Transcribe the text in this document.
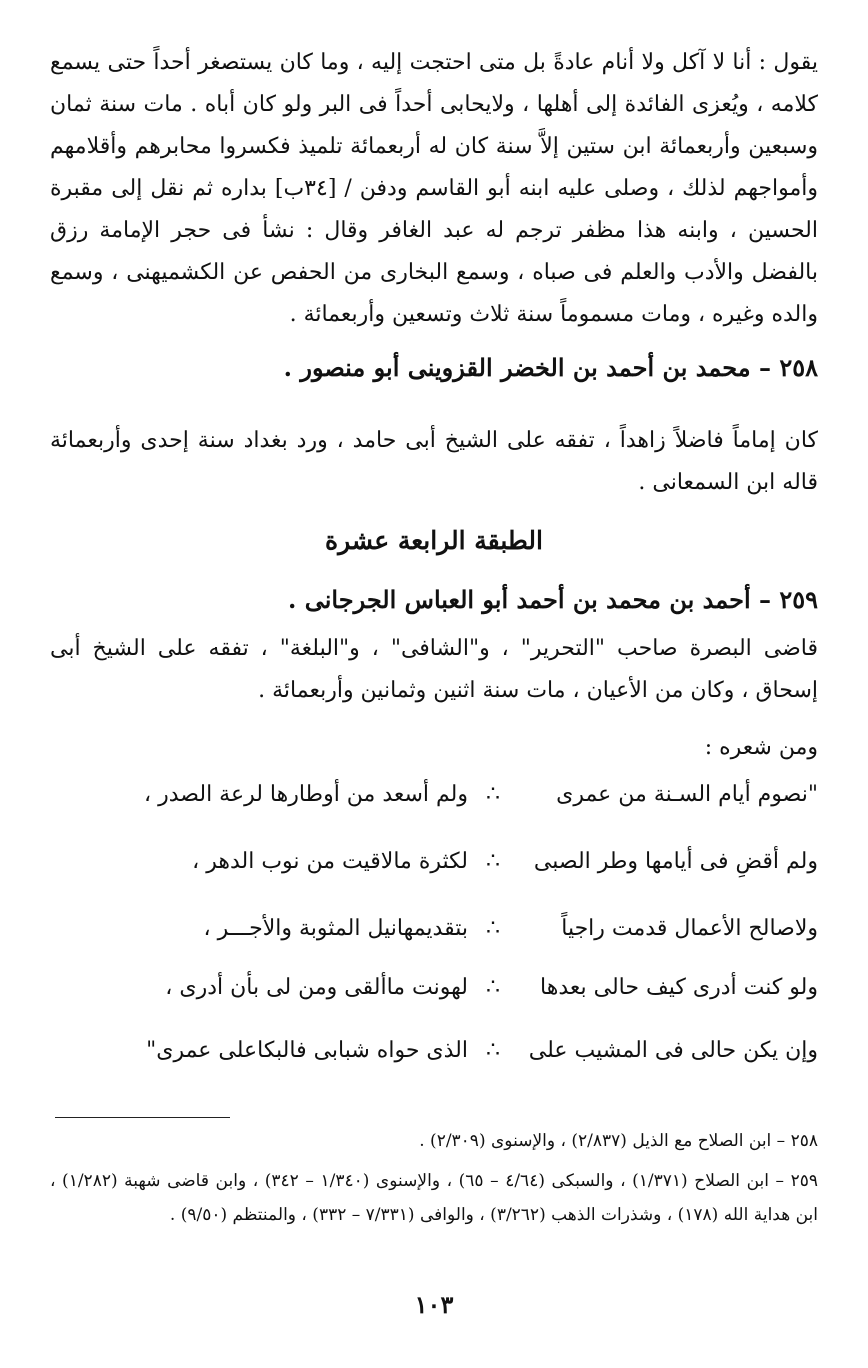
يقول : أنا لا آكل ولا أنام عادةً بل متى احتجت إليه ، وما كان يستصغر أحداً حتى يسمع كلامه ، ويُعزى الفائدة إلى أهلها ، ولايحابى أحداً فى البر ولو كان أباه . مات سنة ثمان وسبعين وأربعمائة ابن ستين إلاَّ سنة كان له أربعمائة تلميذ فكسروا محابرهم وأقلامهم وأمواجهم لذلك ، وصلى عليه ابنه أبو القاسم ودفن / [٣٤ب] بداره ثم نقل إلى مقبرة الحسين ، وابنه هذا مظفر ترجم له عبد الغافر وقال : نشأ فى حجر الإمامة رزق بالفضل والأدب والعلم فى صباه ، وسمع البخارى من الحفص عن الكشميهنى ، وسمع والده وغيره ، ومات مسموماً سنة ثلاث وتسعين وأربعمائة .

٢٥٨ – محمد بن أحمد بن الخضر القزوينى أبو منصور .

كان إماماً فاضلاً زاهداً ، تفقه على الشيخ أبى حامد ، ورد بغداد سنة إحدى وأربعمائة قاله ابن السمعانى .

الطبقة الرابعة عشرة

٢٥٩ – أحمد بن محمد بن أحمد أبو العباس الجرجانى .

قاضى البصرة صاحب "التحرير" ، و"الشافى" ، و"البلغة" ، تفقه على الشيخ أبى إسحاق ، وكان من الأعيان ، مات سنة اثنين وثمانين وأربعمائة .

ومن شعره :

"نصوم أيام السـنة من عمرى
∴
ولم أسعد من أوطارها لرعة الصدر ،
ولم أقضِ فى أيامها وطر الصبى
∴
لكثرة مالاقيت من نوب الدهر ،
ولاصالح الأعمال قدمت راجياً
∴
بتقديمهانيل المثوبة والأجـــر ،
ولو كنت أدرى كيف حالى بعدها
∴
لهونت ماألقى ومن لى بأن أدرى ،
وإن يكن حالى فى المشيب على
∴
الذى حواه شبابى فالبكاعلى عمرى"

٢٥٨ – ابن الصلاح مع الذيل (٢/٨٣٧) ، والإسنوى (٢/٣٠٩) .

٢٥٩ – ابن الصلاح (١/٣٧١) ، والسبكى (٤/٦٤ – ٦٥) ، والإسنوى (١/٣٤٠ – ٣٤٢) ، وابن قاضى شهبة (١/٢٨٢) ، ابن هداية الله (١٧٨) ، وشذرات الذهب (٣/٢٦٢) ، والوافى (٧/٣٣١ – ٣٣٢) ، والمنتظم (٩/٥٠) .

١٠٣
